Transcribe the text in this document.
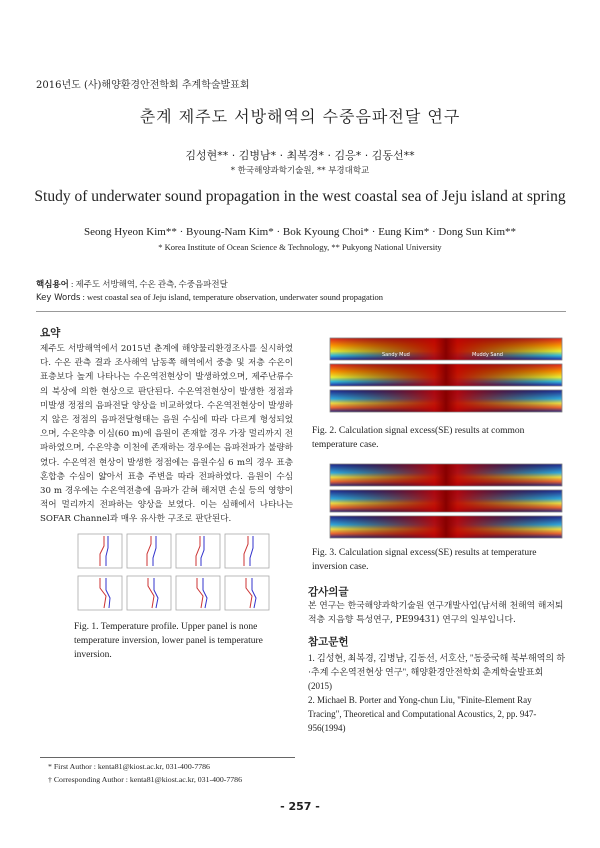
2016년도 (사)해양환경안전학회 추계학술발표회
춘계 제주도 서방해역의 수중음파전달 연구
김성현** · 김병남* · 최복경* · 김응* · 김동선**
* 한국해양과학기술원, ** 부경대학교
Study of underwater sound propagation in the west coastal sea of Jeju island at spring
Seong Hyeon Kim** · Byoung-Nam Kim* · Bok Kyoung Choi* · Eung Kim* · Dong Sun Kim**
* Korea Institute of Ocean Science & Technology, ** Pukyong National University
핵심용어 : 제주도 서방해역, 수온 관측, 수중음파전달
Key Words : west coastal sea of Jeju island, temperature observation, underwater sound propagation
요약
제주도 서방해역에서 2015년 춘계에 해양물리환경조사를 실시하였다. 수온 관측 결과 조사해역 남동쪽 해역에서 중층 및 저층 수온이 표층보다 높게 나타나는 수온역전현상이 발생하였으며, 제주난류수의 북상에 의한 현상으로 판단된다. 수온역전현상이 발생한 정점과 미발생 정점의 음파전달 양상을 비교하였다. 수온역전현상이 발생하지 않은 정점의 음파전달형태는 음원 수심에 따라 다르게 형성되었으며, 수온약층 이심(60 m)에 음원이 존재할 경우 가장 멀리까지 전파하였으며, 수온약층 이천에 존재하는 경우에는 음파전파가 불량하였다. 수온역전 현상이 발생한 정점에는 음원수심 6 m의 경우 표층혼합층 수심이 얇아서 표층 주변을 따라 전파하였다. 음원이 수심 30 m 경우에는 수온역전층에 음파가 갇혀 해저면 손실 등의 영향이 적어 멀리까지 전파하는 양상을 보였다. 이는 심해에서 나타나는 SOFAR Channel과 매우 유사한 구조로 판단된다.
Fig. 1. Temperature profile. Upper panel is none temperature inversion, lower panel is temperature inversion.
Sandy Mud	Muddy Sand
Fig. 2. Calculation signal excess(SE) results at common temperature case.
Fig. 3. Calculation signal excess(SE) results at temperature inversion case.
감사의글
본 연구는 한국해양과학기술원 연구개발사업(남서해 천해역 해저퇴적층 지음향 특성연구, PE99431) 연구의 일부입니다.
참고문헌
1. 김성현, 최복경, 김병남, 김동선, 서호산, "동중국해 북부해역의 하·추계 수온역전현상 연구", 해양환경안전학회 춘계학술발표회 (2015)
2. Michael B. Porter and Yong-chun Liu, "Finite-Element Ray Tracing", Theoretical and Computational Acoustics, 2, pp. 947-956(1994)
* First Author : kenta81@kiost.ac.kr, 031-400-7786
† Corresponding Author : kenta81@kiost.ac.kr, 031-400-7786
- 257 -
